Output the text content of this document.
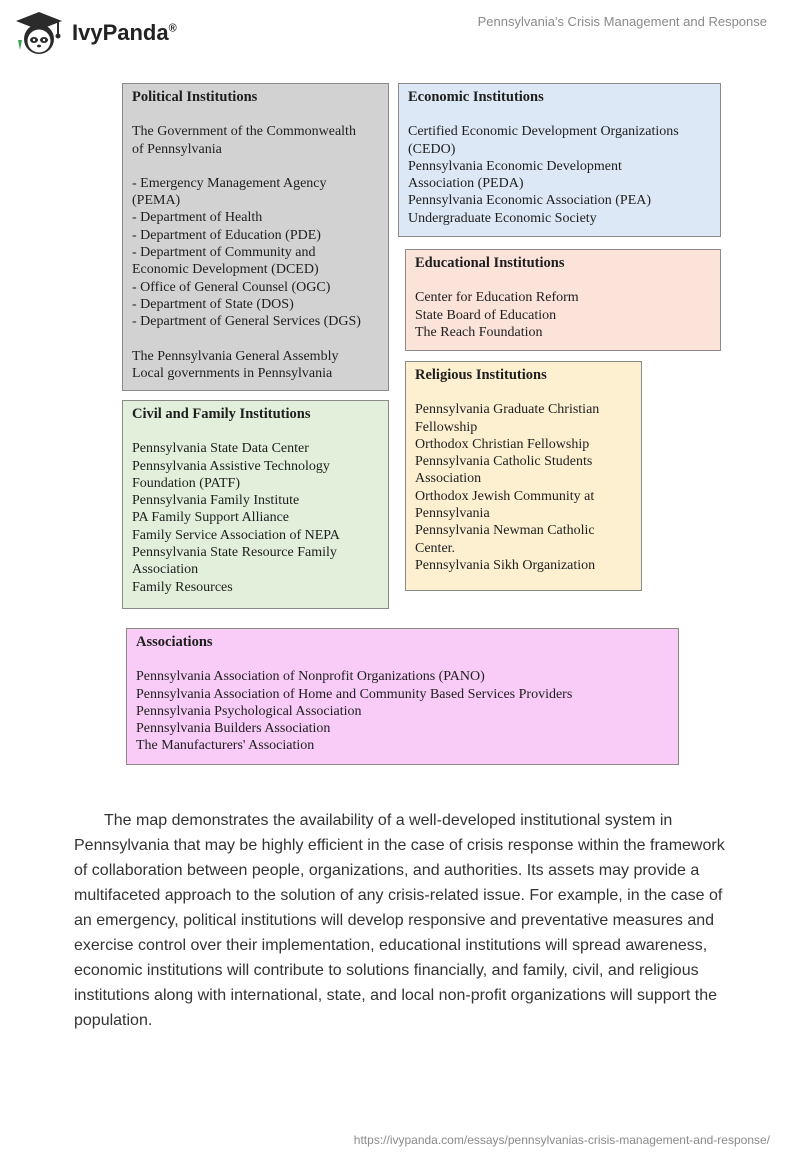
IvyPanda®	Pennsylvania's Crisis Management and Response
Political Institutions
The Government of the Commonwealth
of Pennsylvania
- Emergency Management Agency
(PEMA)
- Department of Health
- Department of Education (PDE)
- Department of Community and
Economic Development (DCED)
- Office of General Counsel (OGC)
- Department of State (DOS)
- Department of General Services (DGS)
The Pennsylvania General Assembly
Local governments in Pennsylvania
Economic Institutions
Certified Economic Development Organizations
(CEDO)
Pennsylvania Economic Development
Association (PEDA)
Pennsylvania Economic Association (PEA)
Undergraduate Economic Society
Educational Institutions
Center for Education Reform
State Board of Education
The Reach Foundation
Religious Institutions
Pennsylvania Graduate Christian
Fellowship
Orthodox Christian Fellowship
Pennsylvania Catholic Students
Association
Orthodox Jewish Community at
Pennsylvania
Pennsylvania Newman Catholic
Center.
Pennsylvania Sikh Organization
Civil and Family Institutions
Pennsylvania State Data Center
Pennsylvania Assistive Technology
Foundation (PATF)
Pennsylvania Family Institute
PA Family Support Alliance
Family Service Association of NEPA
Pennsylvania State Resource Family
Association
Family Resources
Associations
Pennsylvania Association of Nonprofit Organizations (PANO)
Pennsylvania Association of Home and Community Based Services Providers
Pennsylvania Psychological Association
Pennsylvania Builders Association
The Manufacturers' Association

The map demonstrates the availability of a well-developed institutional system in Pennsylvania that may be highly efficient in the case of crisis response within the framework of collaboration between people, organizations, and authorities. Its assets may provide a multifaceted approach to the solution of any crisis-related issue. For example, in the case of an emergency, political institutions will develop responsive and preventative measures and exercise control over their implementation, educational institutions will spread awareness, economic institutions will contribute to solutions financially, and family, civil, and religious institutions along with international, state, and local non-profit organizations will support the population.

https://ivypanda.com/essays/pennsylvanias-crisis-management-and-response/
